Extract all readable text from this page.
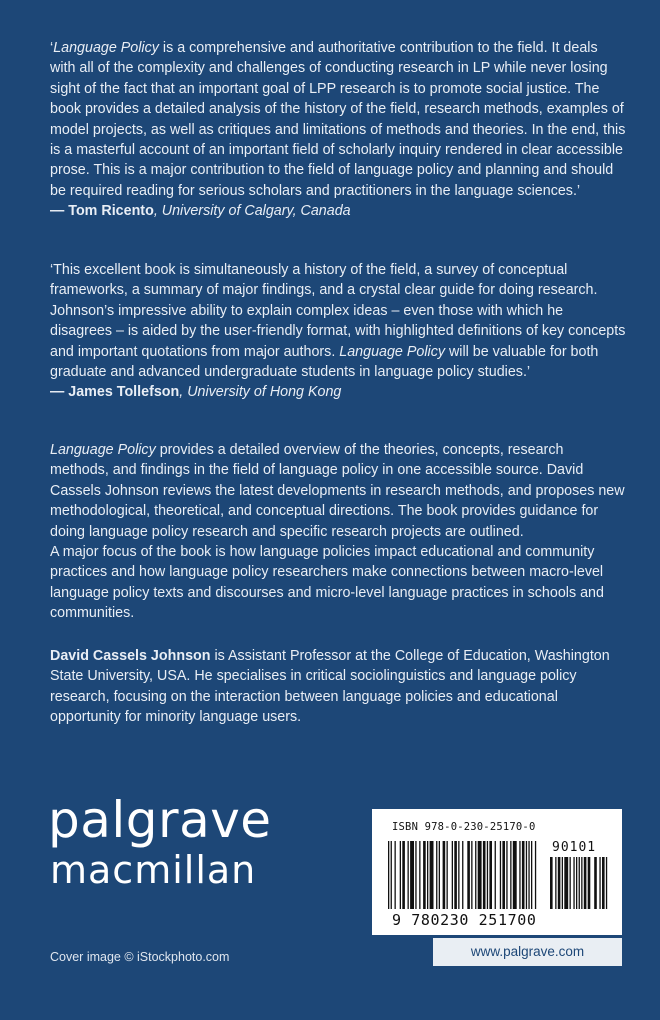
‘Language Policy is a comprehensive and authoritative contribution to the field. It deals with all of the complexity and challenges of conducting research in LP while never losing sight of the fact that an important goal of LPP research is to promote social justice. The book provides a detailed analysis of the history of the field, research methods, examples of model projects, as well as critiques and limitations of methods and theories. In the end, this is a masterful account of an important field of scholarly inquiry rendered in clear accessible prose. This is a major contribution to the field of language policy and planning and should be required reading for serious scholars and practitioners in the language sciences.’

— Tom Ricento, University of Calgary, Canada

‘This excellent book is simultaneously a history of the field, a survey of conceptual frameworks, a summary of major findings, and a crystal clear guide for doing research. Johnson’s impressive ability to explain complex ideas – even those with which he disagrees – is aided by the user-friendly format, with highlighted definitions of key concepts and important quotations from major authors. Language Policy will be valuable for both graduate and advanced undergraduate students in language policy studies.’

— James Tollefson, University of Hong Kong

Language Policy provides a detailed overview of the theories, concepts, research methods, and findings in the field of language policy in one accessible source. David Cassels Johnson reviews the latest developments in research methods, and proposes new methodological, theoretical, and conceptual directions. The book provides guidance for doing language policy research and specific research projects are outlined.

A major focus of the book is how language policies impact educational and community practices and how language policy researchers make connections between macro-level language policy texts and discourses and micro-level language practices in schools and communities.

David Cassels Johnson is Assistant Professor at the College of Education, Washington State University, USA. He specialises in critical sociolinguistics and language policy research, focusing on the interaction between language policies and educational opportunity for minority language users.

palgrave
macmillan
Cover image © iStockphoto.com
ISBN 978-0-230-25170-0
90101
9 780230 251700
www.palgrave.com
